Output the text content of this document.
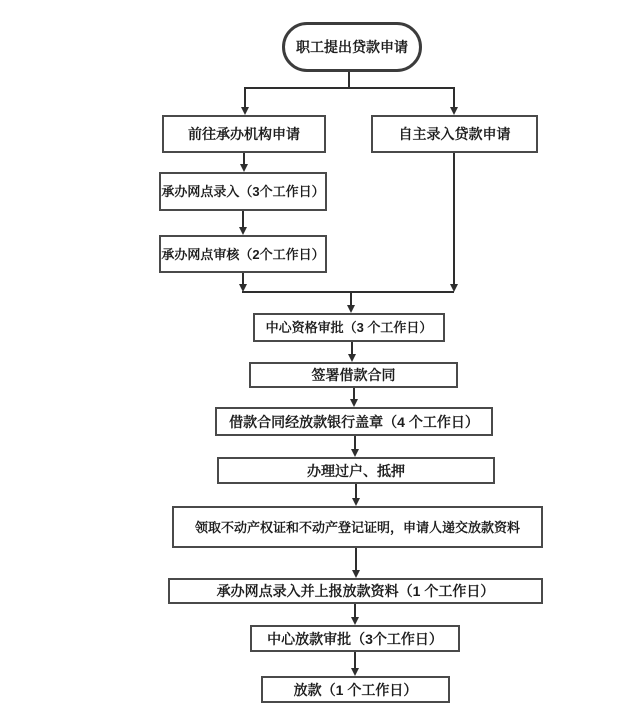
职工提出贷款申请
前往承办机构申请	自主录入贷款申请
承办网点录入（3个工作日）
承办网点审核（2个工作日）
中心资格审批（3 个工作日）
签署借款合同
借款合同经放款银行盖章（4 个工作日）
办理过户、抵押
领取不动产权证和不动产登记证明，申请人递交放款资料
承办网点录入并上报放款资料（1 个工作日）
中心放款审批（3个工作日）
放款（1 个工作日）
